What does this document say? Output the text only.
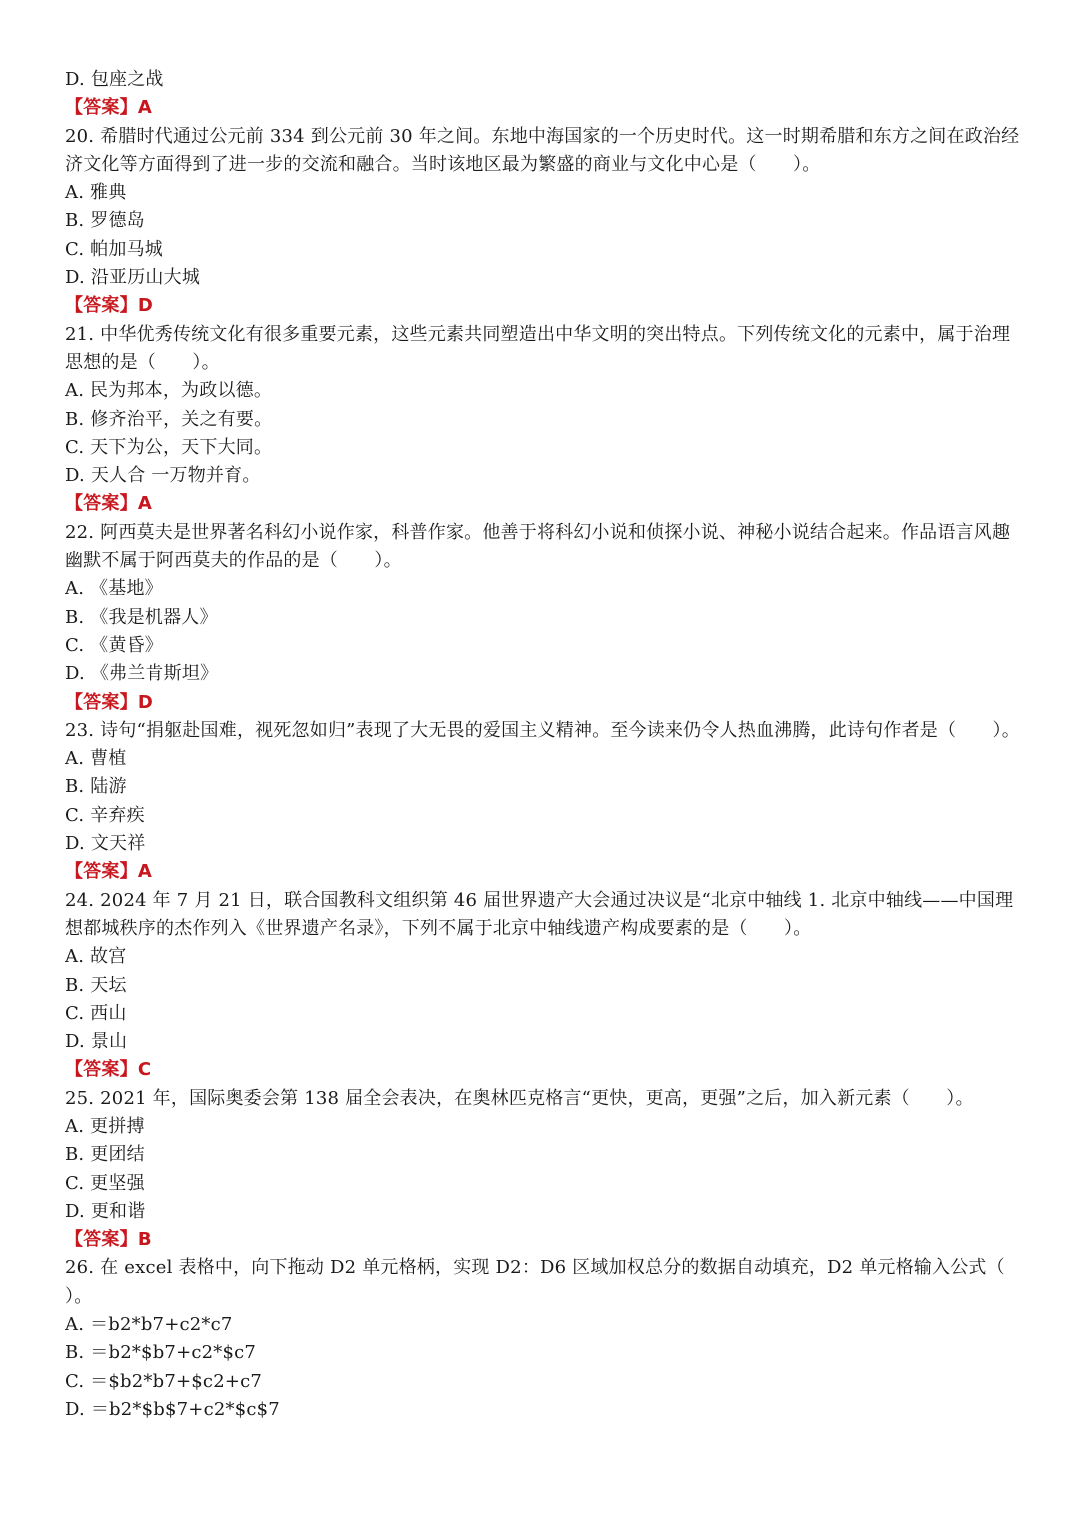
D. 包座之战
【答案】A
20. 希腊时代通过公元前 334 到公元前 30 年之间。东地中海国家的一个历史时代。这一时期希腊和东方之间在政治经济文化等方面得到了进一步的交流和融合。当时该地区最为繁盛的商业与文化中心是（　　）。
A. 雅典
B. 罗德岛
C. 帕加马城
D. 沿亚历山大城
【答案】D
21. 中华优秀传统文化有很多重要元素，这些元素共同塑造出中华文明的突出特点。下列传统文化的元素中，属于治理思想的是（　　）。
A. 民为邦本，为政以德。
B. 修齐治平，关之有要。
C. 天下为公，天下大同。
D. 天人合 一万物并育。
【答案】A
22. 阿西莫夫是世界著名科幻小说作家，科普作家。他善于将科幻小说和侦探小说、神秘小说结合起来。作品语言风趣幽默不属于阿西莫夫的作品的是（　　）。
A. 《基地》
B. 《我是机器人》
C. 《黄昏》
D. 《弗兰肯斯坦》
【答案】D
23. 诗句“捐躯赴国难，视死忽如归”表现了大无畏的爱国主义精神。至今读来仍令人热血沸腾，此诗句作者是（　　）。
A. 曹植
B. 陆游
C. 辛弃疾
D. 文天祥
【答案】A
24. 2024 年 7 月 21 日，联合国教科文组织第 46 届世界遗产大会通过决议是“北京中轴线 1. 北京中轴线——中国理想都城秩序的杰作列入《世界遗产名录》，下列不属于北京中轴线遗产构成要素的是（　　）。
A. 故宫
B. 天坛
C. 西山
D. 景山
【答案】C
25. 2021 年，国际奥委会第 138 届全会表决，在奥林匹克格言“更快，更高，更强”之后，加入新元素（　　）。
A. 更拼搏
B. 更团结
C. 更坚强
D. 更和谐
【答案】B
26. 在 excel 表格中，向下拖动 D2 单元格柄，实现 D2：D6 区域加权总分的数据自动填充，D2 单元格输入公式（　　）。
A. ＝b2*b7+c2*c7
B. ＝b2*$b7+c2*$c7
C. ＝$b2*b7+$c2+c7
D. ＝b2*$b$7+c2*$c$7
